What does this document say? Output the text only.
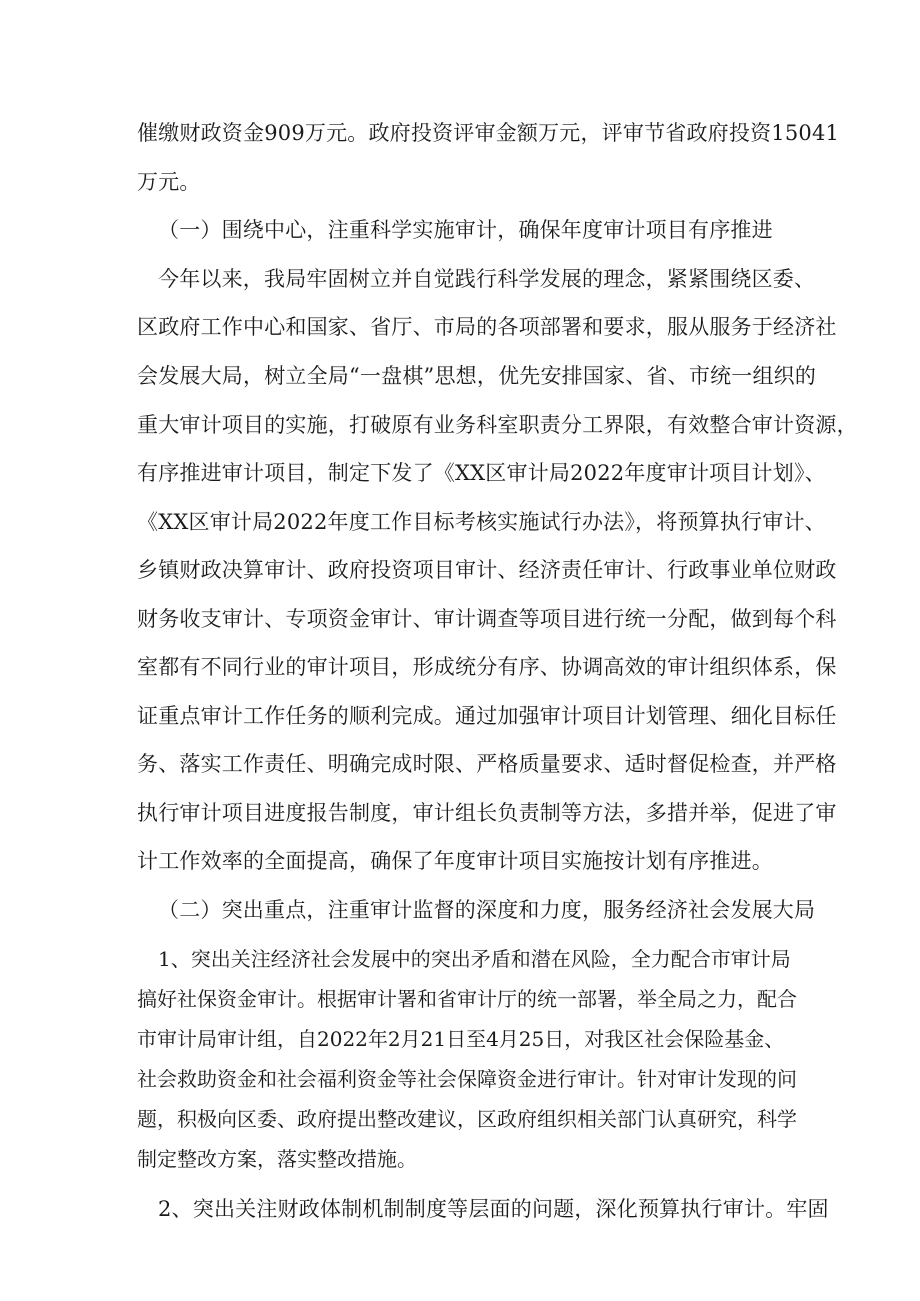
催缴财政资金909万元。政府投资评审金额万元，评审节省政府投资15041
万元。
（一）围绕中心，注重科学实施审计，确保年度审计项目有序推进
今年以来，我局牢固树立并自觉践行科学发展的理念，紧紧围绕区委、
区政府工作中心和国家、省厅、市局的各项部署和要求，服从服务于经济社
会发展大局，树立全局“一盘棋”思想，优先安排国家、省、市统一组织的
重大审计项目的实施，打破原有业务科室职责分工界限，有效整合审计资源，
有序推进审计项目，制定下发了《XX区审计局2022年度审计项目计划》、
《XX区审计局2022年度工作目标考核实施试行办法》，将预算执行审计、
乡镇财政决算审计、政府投资项目审计、经济责任审计、行政事业单位财政
财务收支审计、专项资金审计、审计调查等项目进行统一分配，做到每个科
室都有不同行业的审计项目，形成统分有序、协调高效的审计组织体系，保
证重点审计工作任务的顺利完成。通过加强审计项目计划管理、细化目标任
务、落实工作责任、明确完成时限、严格质量要求、适时督促检查，并严格
执行审计项目进度报告制度，审计组长负责制等方法，多措并举，促进了审
计工作效率的全面提高，确保了年度审计项目实施按计划有序推进。
（二）突出重点，注重审计监督的深度和力度，服务经济社会发展大局
1、突出关注经济社会发展中的突出矛盾和潜在风险，全力配合市审计局
搞好社保资金审计。根据审计署和省审计厅的统一部署，举全局之力，配合
市审计局审计组，自2022年2月21日至4月25日，对我区社会保险基金、
社会救助资金和社会福利资金等社会保障资金进行审计。针对审计发现的问
题，积极向区委、政府提出整改建议，区政府组织相关部门认真研究，科学
制定整改方案，落实整改措施。
2、突出关注财政体制机制制度等层面的问题，深化预算执行审计。牢固
